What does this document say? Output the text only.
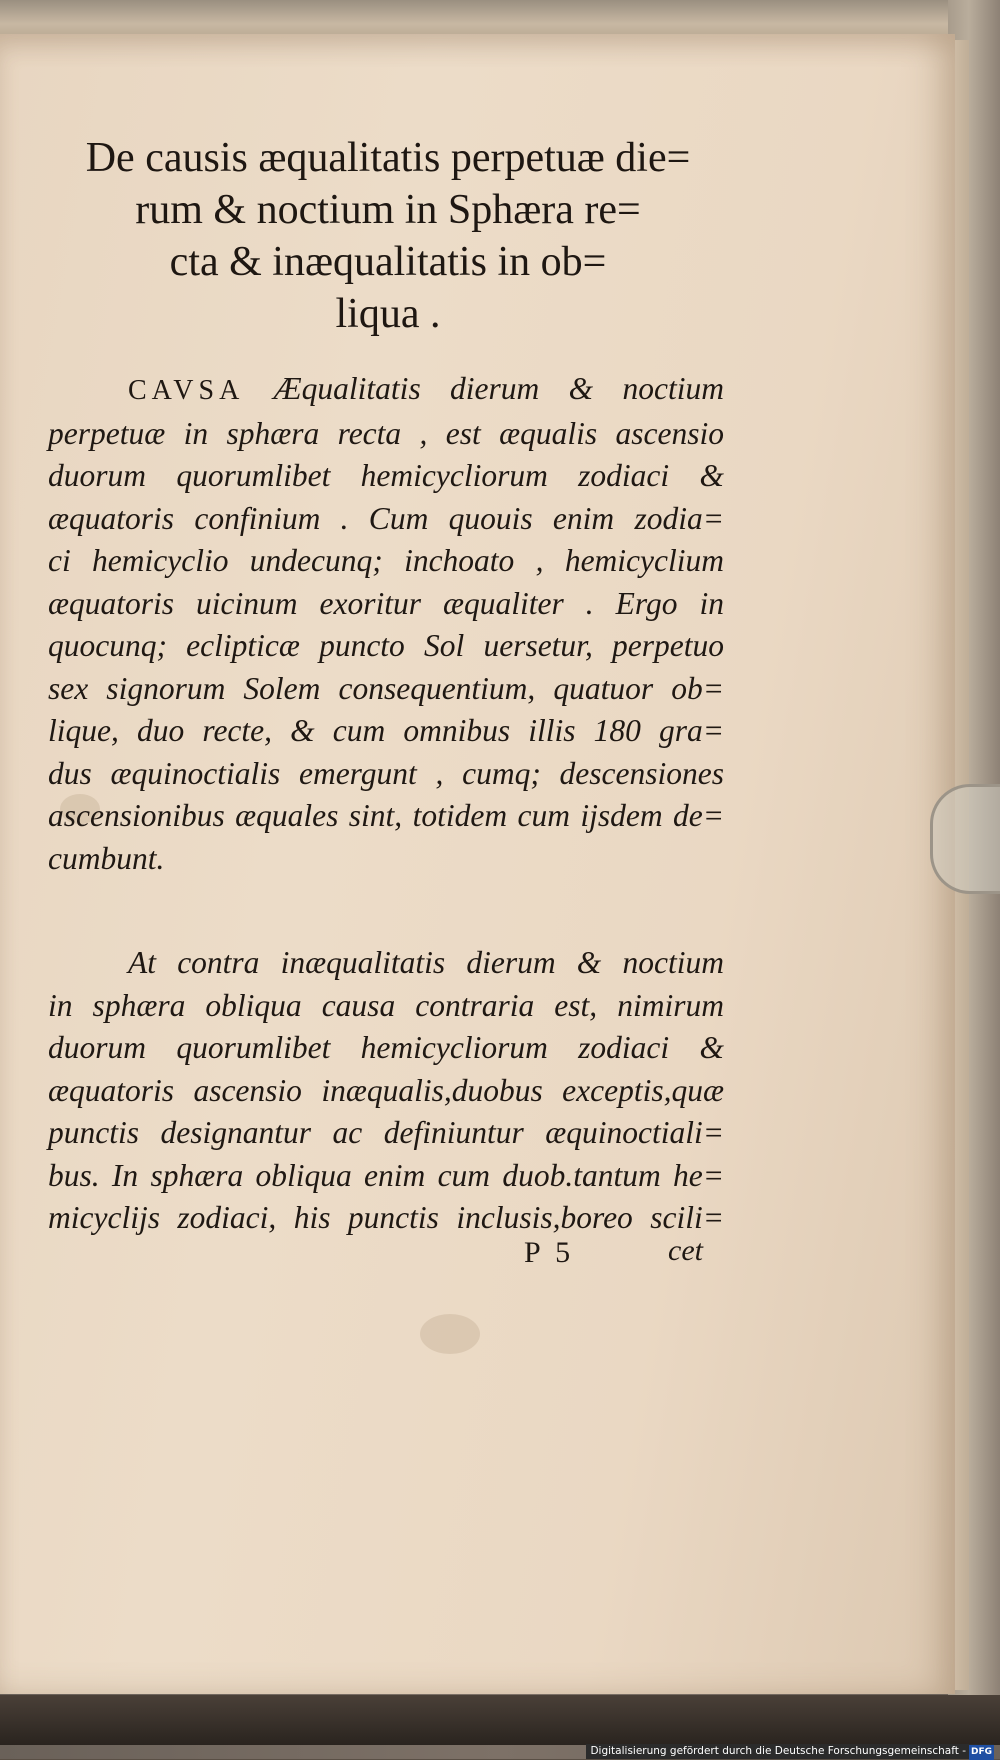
De causis æqualitatis perpetuæ die=
rum & noctium in Sphæra re=
cta & inæqualitatis in ob=
liqua .
CAVSA Æqualitatis dierum & noctium
perpetuæ in sphæra recta , est æqualis ascensio
duorum quorumlibet hemicycliorum zodiaci &
æquatoris confinium . Cum quouis enim zodia=
ci hemicyclio undecunq; inchoato , hemicyclium
æquatoris uicinum exoritur æqualiter . Ergo in
quocunq; eclipticæ puncto Sol uersetur, perpetuo
sex signorum Solem consequentium, quatuor ob=
lique, duo recte, & cum omnibus illis 180 gra=
dus æquinoctialis emergunt , cumq; descensiones
ascensionibus æquales sint, totidem cum ijsdem de=
cumbunt.
At contra inæqualitatis dierum & noctium
in sphæra obliqua causa contraria est, nimirum
duorum quorumlibet hemicycliorum zodiaci &
æquatoris ascensio inæqualis,duobus exceptis,quæ
punctis designantur ac definiuntur æquinoctiali=
bus. In sphæra obliqua enim cum duob.tantum he=
micyclijs zodiaci, his punctis inclusis,boreo scili=
P 5	cet
Digitalisierung gefördert durch die Deutsche Forschungsgemeinschaft - DFG
